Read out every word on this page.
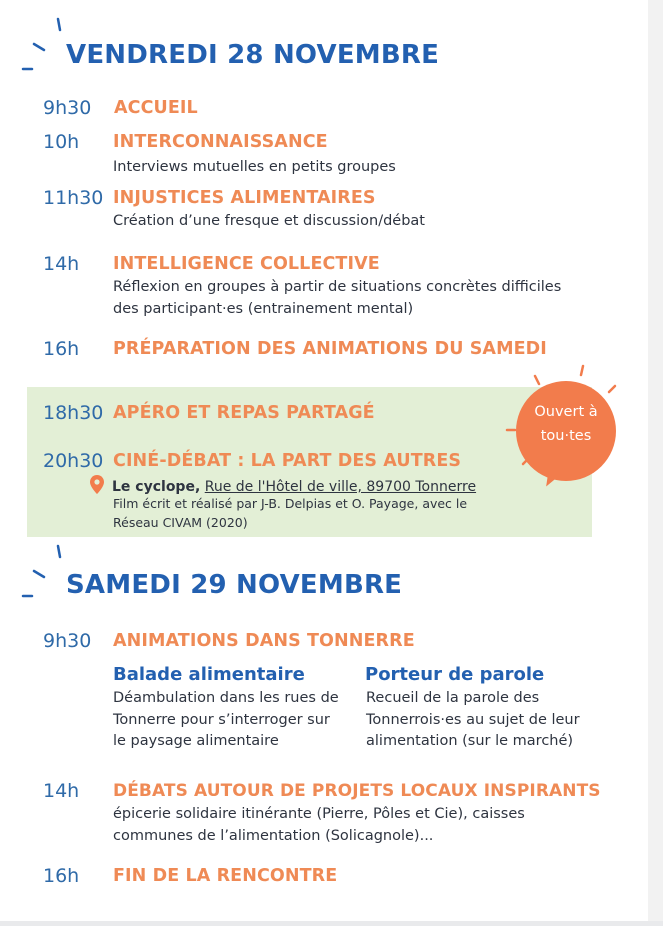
VENDREDI 28 NOVEMBRE
9h30 ACCUEIL
10h INTERCONNAISSANCE
Interviews mutuelles en petits groupes
11h30 INJUSTICES ALIMENTAIRES
Création d’une fresque et discussion/débat
14h INTELLIGENCE COLLECTIVE
Réflexion en groupes à partir de situations concrètes difficiles
des participant·es (entrainement mental)
16h PRÉPARATION DES ANIMATIONS DU SAMEDI
18h30 APÉRO ET REPAS PARTAGÉ
20h30 CINÉ-DÉBAT : LA PART DES AUTRES
Le cyclope, Rue de l'Hôtel de ville, 89700 Tonnerre
Film écrit et réalisé par J-B. Delpias et O. Payage, avec le
Réseau CIVAM (2020)
Ouvert à
tou·tes
SAMEDI 29 NOVEMBRE
9h30 ANIMATIONS DANS TONNERRE
Balade alimentaire
Déambulation dans les rues de
Tonnerre pour s’interroger sur
le paysage alimentaire
Porteur de parole
Recueil de la parole des
Tonnerrois·es au sujet de leur
alimentation (sur le marché)
14h DÉBATS AUTOUR DE PROJETS LOCAUX INSPIRANTS
épicerie solidaire itinérante (Pierre, Pôles et Cie), caisses
communes de l’alimentation (Solicagnole)...
16h FIN DE LA RENCONTRE
